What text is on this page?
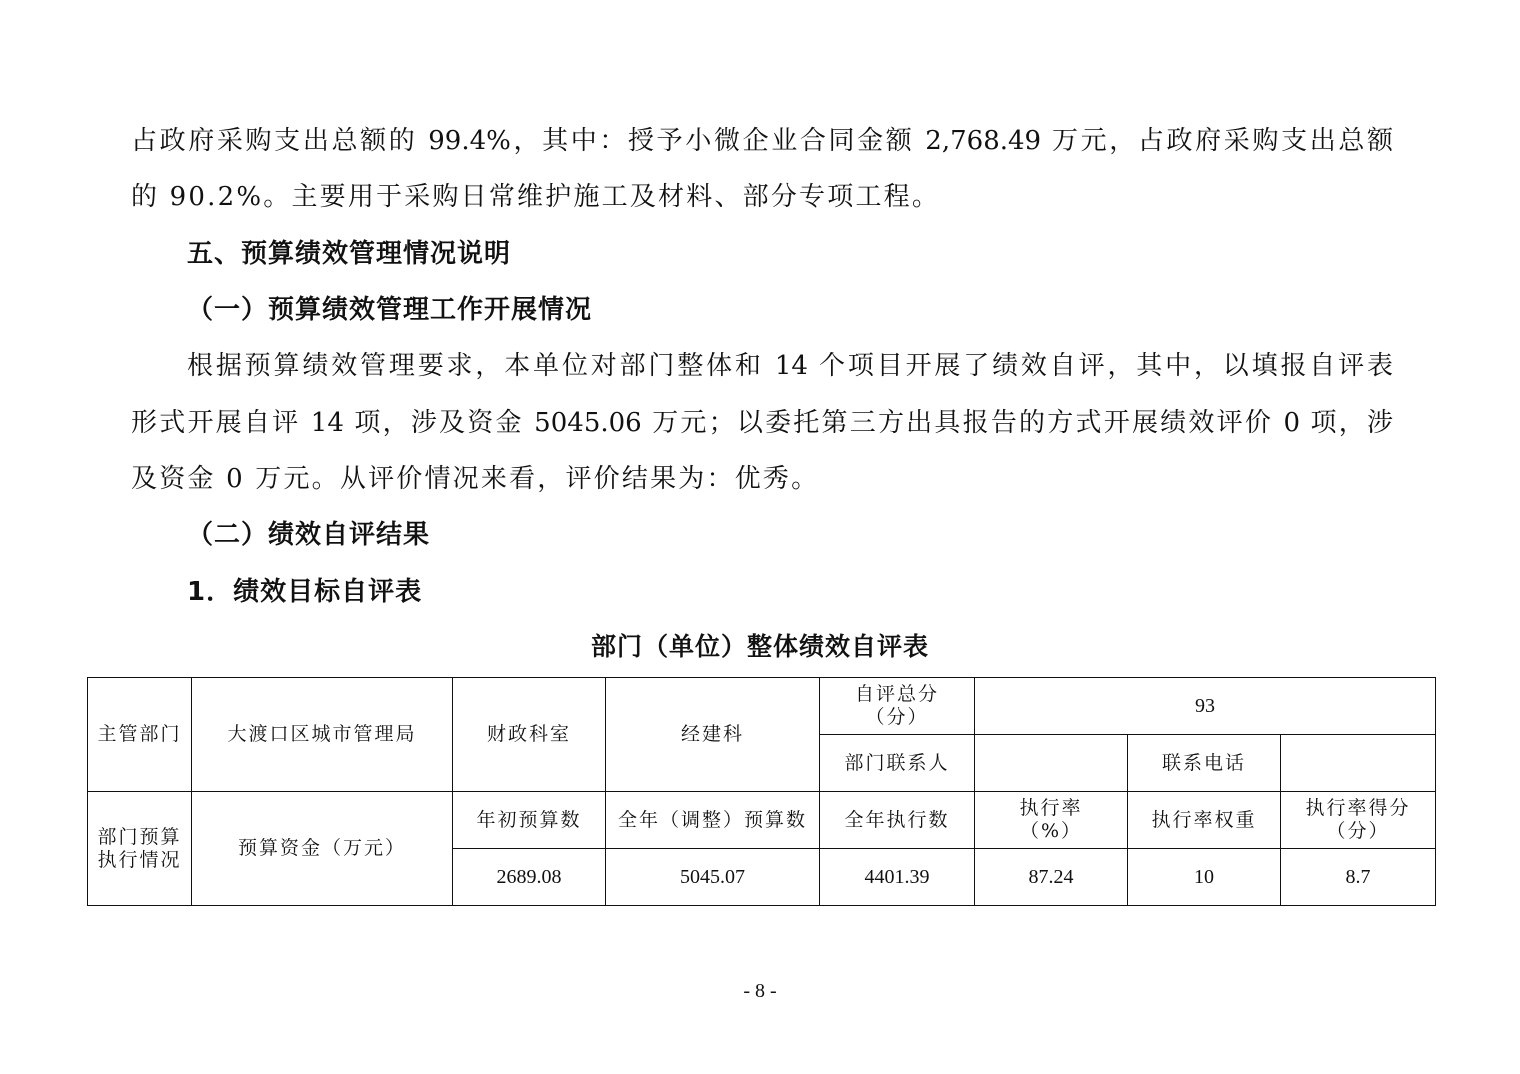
占政府采购支出总额的 99.4%，其中：授予小微企业合同金额 2,768.49 万元，占政府采购支出总额
的 90.2%。主要用于采购日常维护施工及材料、部分专项工程。
五、预算绩效管理情况说明
（一）预算绩效管理工作开展情况
根据预算绩效管理要求，本单位对部门整体和 14 个项目开展了绩效自评，其中，以填报自评表
形式开展自评 14 项，涉及资金 5045.06 万元；以委托第三方出具报告的方式开展绩效评价 0 项，涉
及资金 0 万元。从评价情况来看，评价结果为：优秀。
（二）绩效自评结果
1．绩效目标自评表
部门（单位）整体绩效自评表
主管部门	大渡口区城市管理局	财政科室	经建科	自评总分（分）	93		
				部门联系人		联系电话	
部门预算执行情况	预算资金（万元）	年初预算数	全年（调整）预算数	全年执行数	执行率（%）	执行率权重	执行率得分（分）
		2689.08	5045.07	4401.39	87.24	10	8.7
- 8 -
